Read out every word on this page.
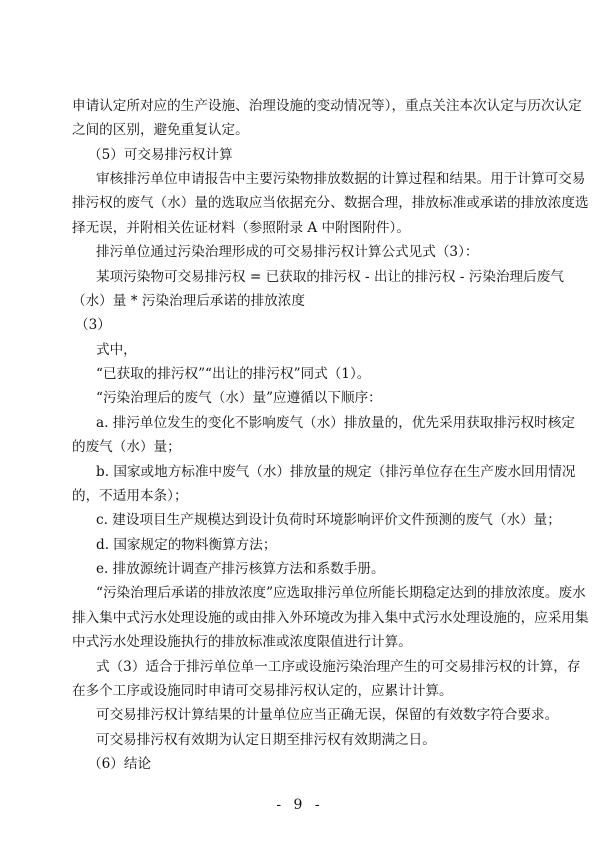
申请认定所对应的生产设施、治理设施的变动情况等），重点关注本次认定与历次认定
之间的区别，避免重复认定。
（5）可交易排污权计算
审核排污单位申请报告中主要污染物排放数据的计算过程和结果。用于计算可交易
排污权的废气（水）量的选取应当依据充分、数据合理，排放标准或承诺的排放浓度选
择无误，并附相关佐证材料（参照附录 A 中附图附件）。
排污单位通过污染治理形成的可交易排污权计算公式见式（3）：
某项污染物可交易排污权 = 已获取的排污权 - 出让的排污权 - 污染治理后废气
（水）量 * 污染治理后承诺的排放浓度
（3）
式中，
“已获取的排污权”“出让的排污权”同式（1）。
“污染治理后的废气（水）量”应遵循以下顺序：
a. 排污单位发生的变化不影响废气（水）排放量的，优先采用获取排污权时核定
的废气（水）量；
b. 国家或地方标准中废气（水）排放量的规定（排污单位存在生产废水回用情况
的，不适用本条）；
c. 建设项目生产规模达到设计负荷时环境影响评价文件预测的废气（水）量；
d. 国家规定的物料衡算方法；
e. 排放源统计调查产排污核算方法和系数手册。
“污染治理后承诺的排放浓度”应选取排污单位所能长期稳定达到的排放浓度。废水
排入集中式污水处理设施的或由排入外环境改为排入集中式污水处理设施的，应采用集
中式污水处理设施执行的排放标准或浓度限值进行计算。
式（3）适合于排污单位单一工序或设施污染治理产生的可交易排污权的计算，存
在多个工序或设施同时申请可交易排污权认定的，应累计计算。
可交易排污权计算结果的计量单位应当正确无误，保留的有效数字符合要求。
可交易排污权有效期为认定日期至排污权有效期满之日。
（6）结论
- 9 -
